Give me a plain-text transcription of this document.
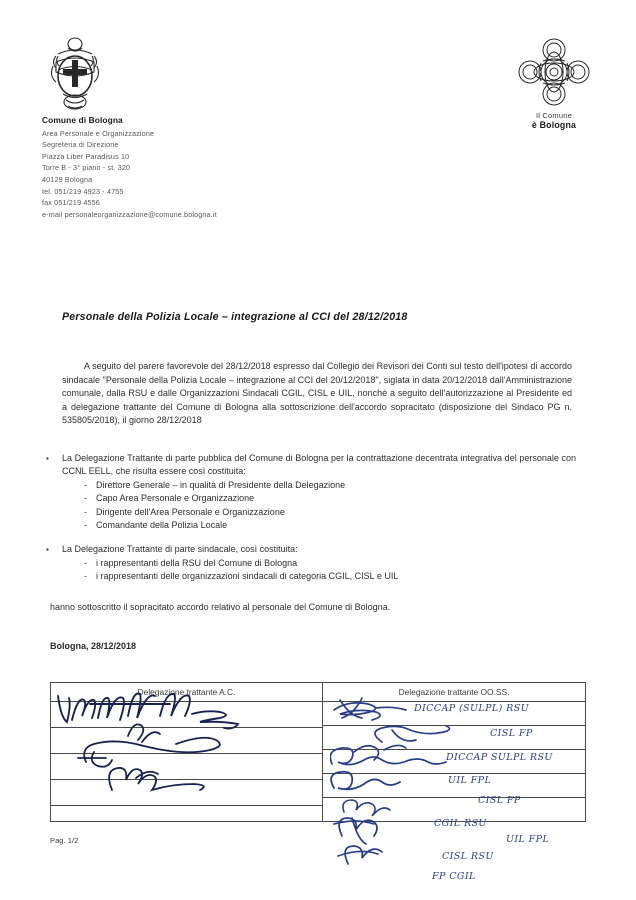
Comune di Bologna
Area Personale e Organizzazione
Segreteria di Direzione
Piazza Liber Paradisus 10
Torre B - 3° piano - st. 320
40129 Bologna
tel. 051/219 4923 - 4755
fax 051/219 4556
e-mail personaleorganizzazione@comune.bologna.it
Il Comune
è Bologna
Personale della Polizia Locale – integrazione al CCI del 28/12/2018
A seguito del parere favorevole del 28/12/2018 espresso dal Collegio dei Revisori dei Conti sul testo dell'ipotesi di accordo sindacale "Personale della Polizia Locale – integrazione al CCI del 20/12/2018", siglata in data 20/12/2018 dall'Amministrazione comunale, dalla RSU e dalle Organizzazioni Sindacali CGIL, CISL e UIL, nonché a seguito dell'autorizzazione al Presidente ed a delegazione trattante del Comune di Bologna alla sottoscrizione dell'accordo sopracitato (disposizione del Sindaco PG n. 535805/2018), il giorno 28/12/2018
▪	La Delegazione Trattante di parte pubblica del Comune di Bologna per la contrattazione decentrata integrativa del personale con CCNL EELL, che risulta essere così costituita:
- Direttore Generale – in qualità di Presidente della Delegazione
- Capo Area Personale e Organizzazione
- Dirigente dell'Area Personale e Organizzazione
- Comandante della Polizia Locale
▪	La Delegazione Trattante di parte sindacale, così costituita:
- i rappresentanti della RSU del Comune di Bologna
- i rappresentanti delle organizzazioni sindacali di categoria CGIL, CISL e UIL
hanno sottoscritto il sopracitato accordo relativo al personale del Comune di Bologna.
Bologna, 28/12/2018
Delegazione trattante A.C.	Delegazione trattante OO.SS.
DICCAP (SULPL) RSU
CISL FP
DICCAP SULPL RSU
UIL FPL
CISL FP
CGIL RSU
UIL FPL
CISL RSU
FP CGIL
Pag. 1/2
